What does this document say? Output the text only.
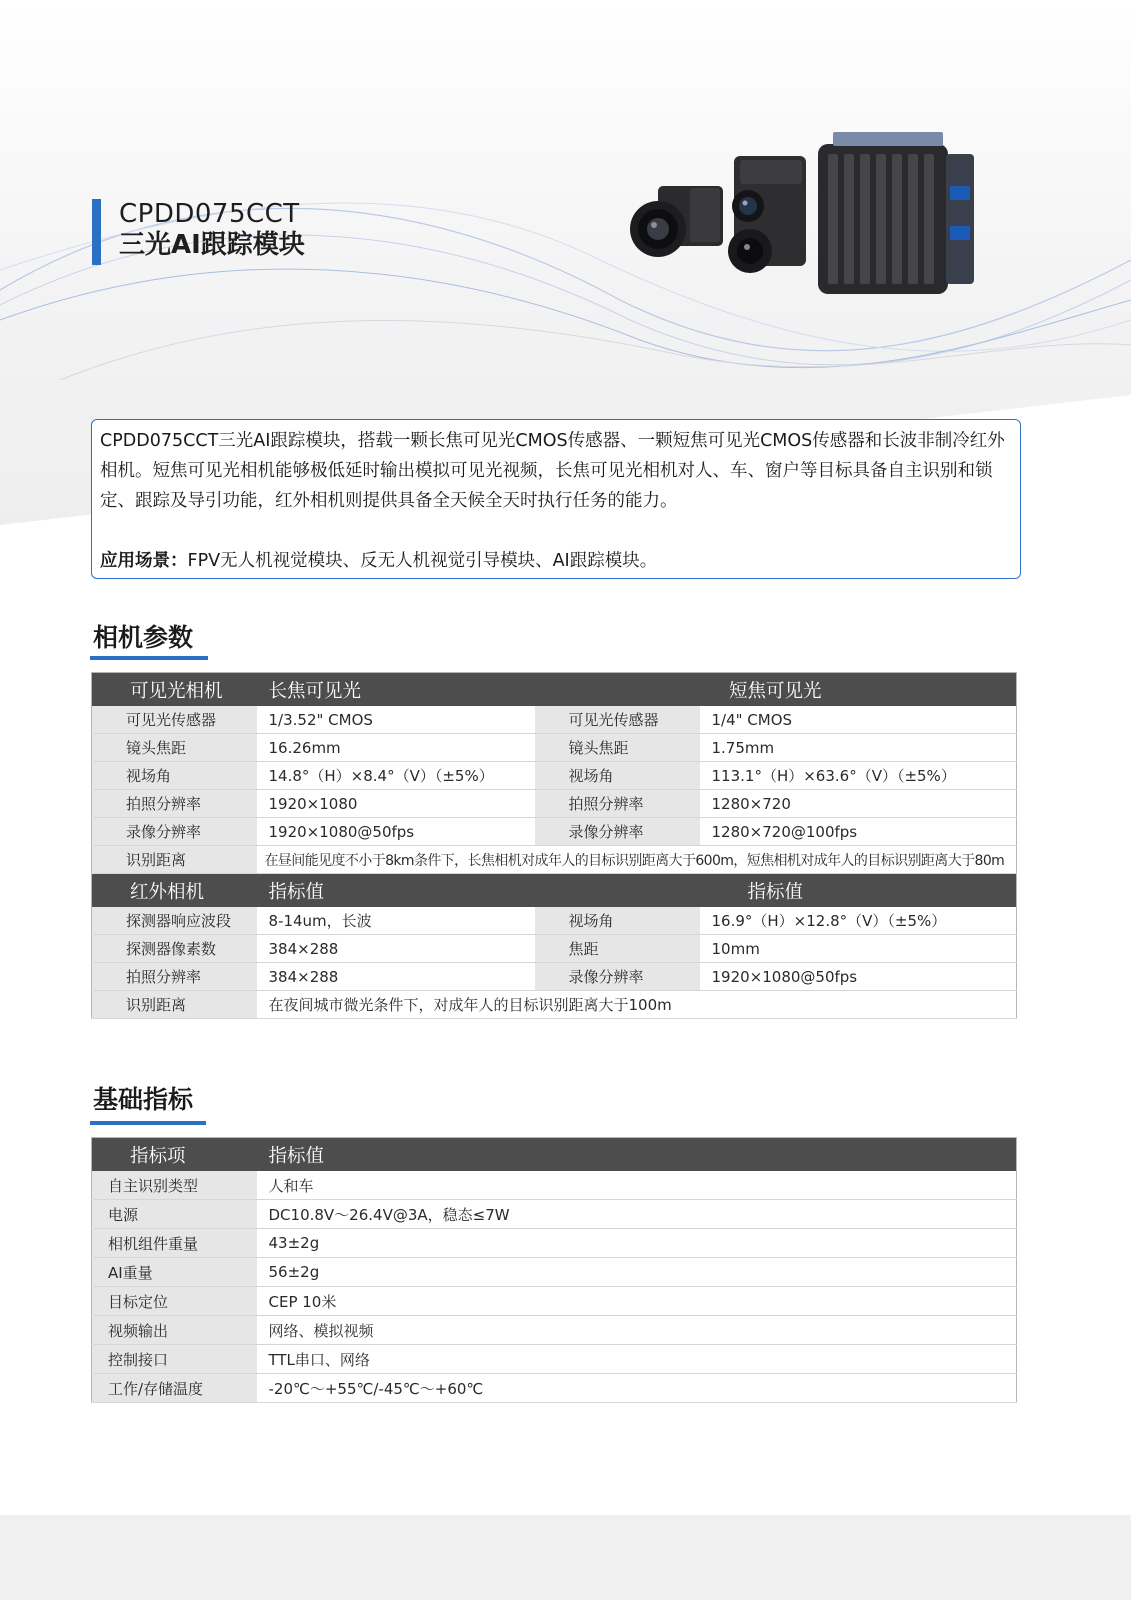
CPDD075CCT
三光AI跟踪模块

CPDD075CCT三光AI跟踪模块，搭载一颗长焦可见光CMOS传感器、一颗短焦可见光CMOS传感器和长波非制冷红外相机。短焦可见光相机能够极低延时输出模拟可见光视频，长焦可见光相机对人、车、窗户等目标具备自主识别和锁定、跟踪及导引功能，红外相机则提供具备全天候全天时执行任务的能力。

应用场景：FPV无人机视觉模块、反无人机视觉引导模块、AI跟踪模块。

相机参数
可见光相机	长焦可见光	短焦可见光	
可见光传感器	1/3.52" CMOS	可见光传感器	1/4" CMOS
镜头焦距	16.26mm	镜头焦距	1.75mm
视场角	14.8°（H）×8.4°（V）（±5%）	视场角	113.1°（H）×63.6°（V）（±5%）
拍照分辨率	1920×1080	拍照分辨率	1280×720
录像分辨率	1920×1080@50fps	录像分辨率	1280×720@100fps
识别距离	在昼间能见度不小于8km条件下，长焦相机对成年人的目标识别距离大于600m，短焦相机对成年人的目标识别距离大于80m		
红外相机	指标值	指标值	
探测器响应波段	8-14um，长波	视场角	16.9°（H）×12.8°（V）（±5%）
探测器像素数	384×288	焦距	10mm
拍照分辨率	384×288	录像分辨率	1920×1080@50fps
识别距离	在夜间城市微光条件下，对成年人的目标识别距离大于100m		
基础指标
指标项	指标值
自主识别类型	人和车
电源	DC10.8V～26.4V@3A，稳态≤7W
相机组件重量	43±2g
AI重量	56±2g
目标定位	CEP 10米
视频输出	网络、模拟视频
控制接口	TTL串口、网络
工作/存储温度	-20℃～+55℃/-45℃～+60℃
